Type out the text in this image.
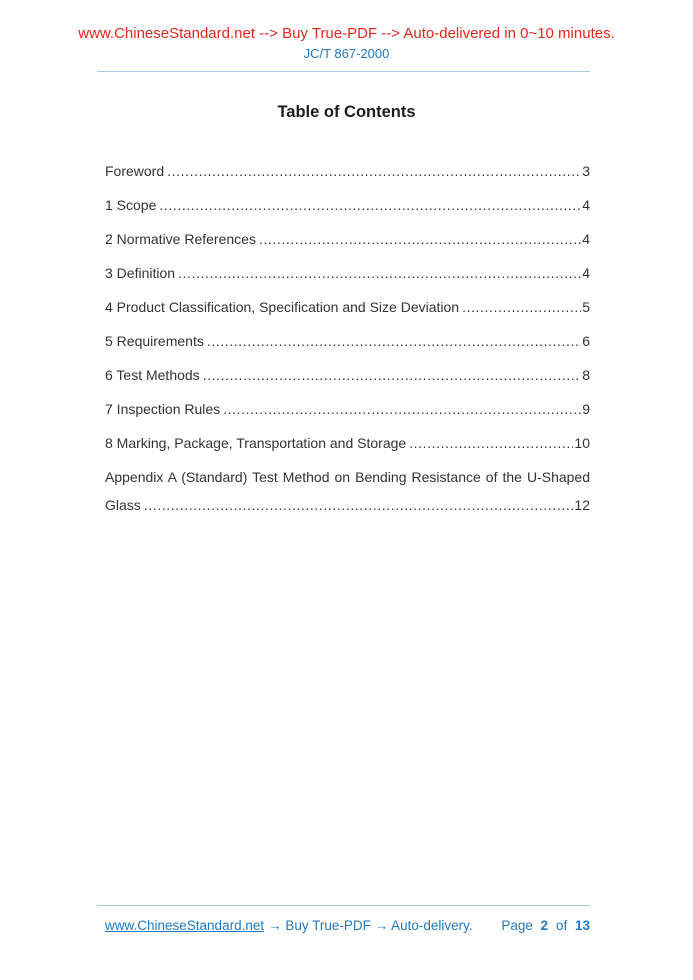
www.ChineseStandard.net --> Buy True-PDF --> Auto-delivered in 0~10 minutes.
JC/T 867-2000
Table of Contents
Foreword .....	3
1 Scope .....	4
2 Normative References .....	4
3 Definition .....	4
4 Product Classification, Specification and Size Deviation .....	5
5 Requirements .....	6
6 Test Methods .....	8
7 Inspection Rules .....	9
8 Marking, Package, Transportation and Storage .....	10
Appendix A (Standard) Test Method on Bending Resistance of the U-Shaped
Glass .....	12
www.ChineseStandard.net → Buy True-PDF → Auto-delivery. Page 2 of 13
